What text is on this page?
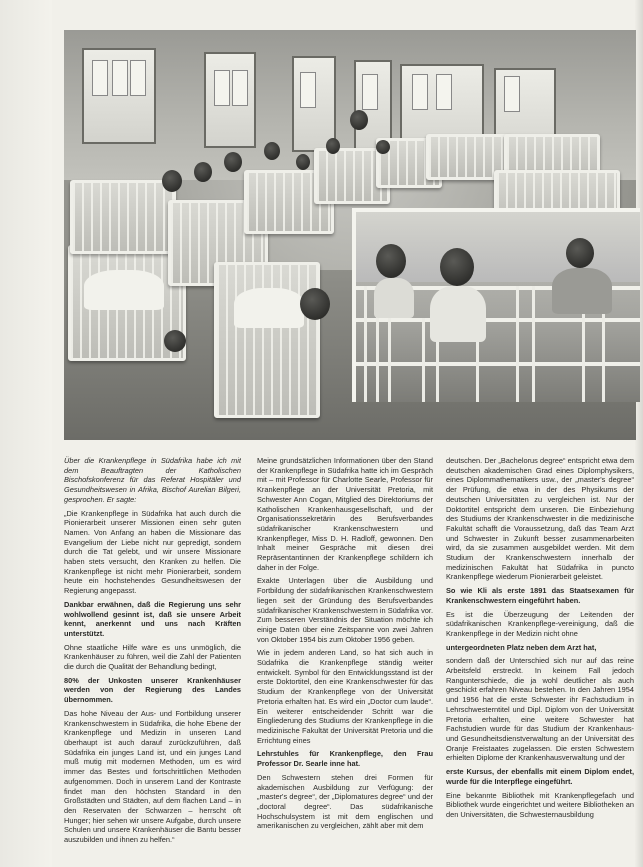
Über die Krankenpflege in Südafrika habe ich mit dem Beauftragten der Katholischen Bischofskonferenz für das Referat Hospitäler und Gesundheitswesen in Afrika, Bischof Aurelian Bilgeri, gesprochen. Er sagte:

„Die Krankenpflege in Südafrika hat auch durch die Pionierarbeit unserer Missionen einen sehr guten Namen. Von Anfang an haben die Missionare das Evangelium der Liebe nicht nur gepredigt, sondern durch die Tat gelebt, und wir unsere Missionare haben stets versucht, den Kranken zu helfen. Die Krankenpflege ist nicht mehr Pionierarbeit, sondern heute ein hochstehendes Gesundheitswesen der Regierung angepasst.

Dankbar erwähnen, daß die Regierung uns sehr wohlwollend gesinnt ist, daß sie unsere Arbeit kennt, anerkennt und uns nach Kräften unterstützt.

Ohne staatliche Hilfe wäre es uns unmöglich, die Krankenhäuser zu führen, weil die Zahl der Patienten die durch die Qualität der Behandlung bedingt,

80% der Unkosten unserer Krankenhäuser werden von der Regierung des Landes übernommen.

Das hohe Niveau der Aus- und Fortbildung unserer Krankenschwestern in Südafrika, die hohe Ebene der Krankenpflege und Medizin in unseren Land überhaupt ist auch darauf zurückzuführen, daß Südafrika ein junges Land ist, und ein junges Land muß mutig mit modernen Methoden, um es wird immer das Bestes und fortschrittlichen Methoden aufgenommen. Doch in unserem Land der Kontraste findet man den höchsten Standard in den Großstädten und Städten, auf dem flachen Land – in den Reservaten der Schwarzen – herrscht oft Hunger; hier sehen wir unsere Aufgabe, durch unsere Schulen und unsere Krankenhäuser die Bantu besser auszubilden und ihnen zu helfen.“

Meine grundsätzlichen Informationen über den Stand der Krankenpflege in Südafrika hatte ich im Gespräch mit – mit Professor für Charlotte Searle, Professor für Krankenpflege an der Universität Pretoria, mit Schwester Ann Cogan, Mitglied des Direktoriums der Katholischen Krankenhausgesellschaft, und der Organisationssekretärin des Berufsverbandes südafrikanischer Krankenschwestern und Krankenpfleger, Miss D. H. Radloff, gewonnen. Den Inhalt meiner Gespräche mit diesen drei Repräsentantinnen der Krankenpflege schildern ich daher in der Folge.

Exakte Unterlagen über die Ausbildung und Fortbildung der südafrikanischen Krankenschwestern liegen seit der Gründung des Berufsverbandes südafrikanischer Krankenschwestern in Südafrika vor. Zum besseren Verständnis der Situation möchte ich einige Daten über eine Zeitspanne von zwei Jahren von Oktober 1954 bis zum Oktober 1956 geben.

Wie in jedem anderen Land, so hat sich auch in Südafrika die Krankenpflege ständig weiter entwickelt. Symbol für den Entwicklungsstand ist der erste Doktortitel, den eine Krankenschwester für das Studium der Krankenpflege von der Universität Pretoria erhalten hat. Es wird ein „Doctor cum laude“. Ein weiterer entscheidender Schritt war die Eingliederung des Studiums der Krankenpflege in die medizinische Fakultät der Universität Pretoria und die Errichtung eines

Lehrstuhles für Krankenpflege, den Frau Professor Dr. Searle inne hat.

Den Schwestern stehen drei Formen für akademischen Ausbildung zur Verfügung: der „master's degree“, der „Diplomatures degree“ und der „doctoral degree“. Das südafrikanische Hochschulsystem ist mit dem englischen und amerikanischen zu vergleichen, zählt aber mit dem

deutschen. Der „Bachelorus degree“ entspricht etwa dem deutschen akademischen Grad eines Diplomphysikers, eines Diplommathematikers usw., der „master's degree“ der Prüfung, die etwa in der des Physikums der deutschen Universitäten zu vergleichen ist. Nur der Doktortitel entspricht dem unseren. Die Einbeziehung des Studiums der Krankenschwester in die medizinische Fakultät schafft die Voraussetzung, daß das Team Arzt und Schwester in Zukunft besser zusammenarbeiten wird, da sie zusammen ausgebildet werden. Mit dem Studium der Krankenschwestern innerhalb der medizinischen Fakultät hat Südafrika in puncto Krankenpflege wiederum Pionierarbeit geleistet.

So wie Kli als erste 1891 das Staatsexamen für Krankenschwestern eingeführt haben.

Es ist die Überzeugung der Leitenden der südafrikanischen Krankenpflege-vereinigung, daß die Krankenpflege in der Medizin nicht ohne

untergeordneten Platz neben dem Arzt hat,

sondern daß der Unterschied sich nur auf das reine Arbeitsfeld erstreckt. In keinem Fall jedoch Rangunterschiede, die ja wohl deutlicher als auch geschickt erfahren Niveau bestehen. In den Jahren 1954 und 1956 hat die erste Schwester ihr Fachstudium in Lehrschwesterntitel und Dipl. Diplom von der Universität Pretoria erhalten, eine weitere Schwester hat Fachstudien wurde für das Studium der Krankenhaus- und Gesundheitsdienstverwaltung an der Universität des Oranje Freistaates zugelassen. Die ersten Schwestern erhielten Diplome der Krankenhausverwaltung und der

erste Kursus, der ebenfalls mit einem Diplom endet, wurde für die Interpflege eingeführt.

Eine bekannte Bibliothek mit Krankenpflegefach und Bibliothek wurde eingerichtet und weitere Bibliotheken an den Universitäten, die Schwesternausbildung
